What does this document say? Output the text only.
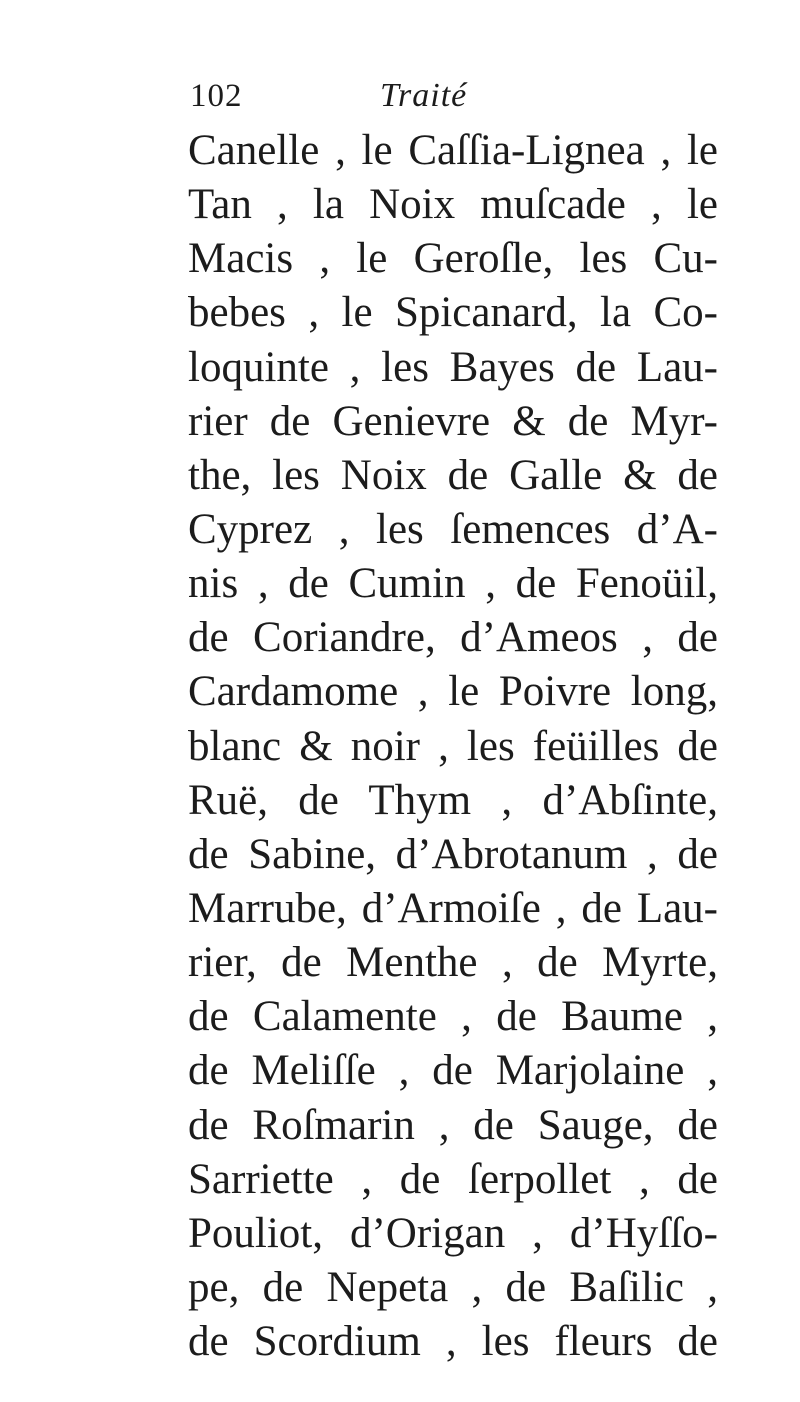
102	Traité
Canelle , le Caſſia-Lignea , le
Tan , la Noix muſcade , le
Macis , le Geroſle, les Cu-
bebes , le Spicanard, la Co-
loquinte , les Bayes de Lau-
rier de Genievre & de Myr-
the, les Noix de Galle & de
Cyprez , les ſemences d’A-
nis , de Cumin , de Fenoüil,
de Coriandre, d’Ameos , de
Cardamome , le Poivre long,
blanc & noir , les feüilles de
Ruë, de Thym , d’Abſinte,
de Sabine, d’Abrotanum , de
Marrube, d’Armoiſe , de Lau-
rier, de Menthe , de Myrte,
de Calamente , de Baume ,
de Meliſſe , de Marjolaine ,
de Roſmarin , de Sauge, de
Sarriette , de ſerpollet , de
Pouliot, d’Origan , d’Hyſſo-
pe, de Nepeta , de Baſilic ,
de Scordium , les fleurs de
